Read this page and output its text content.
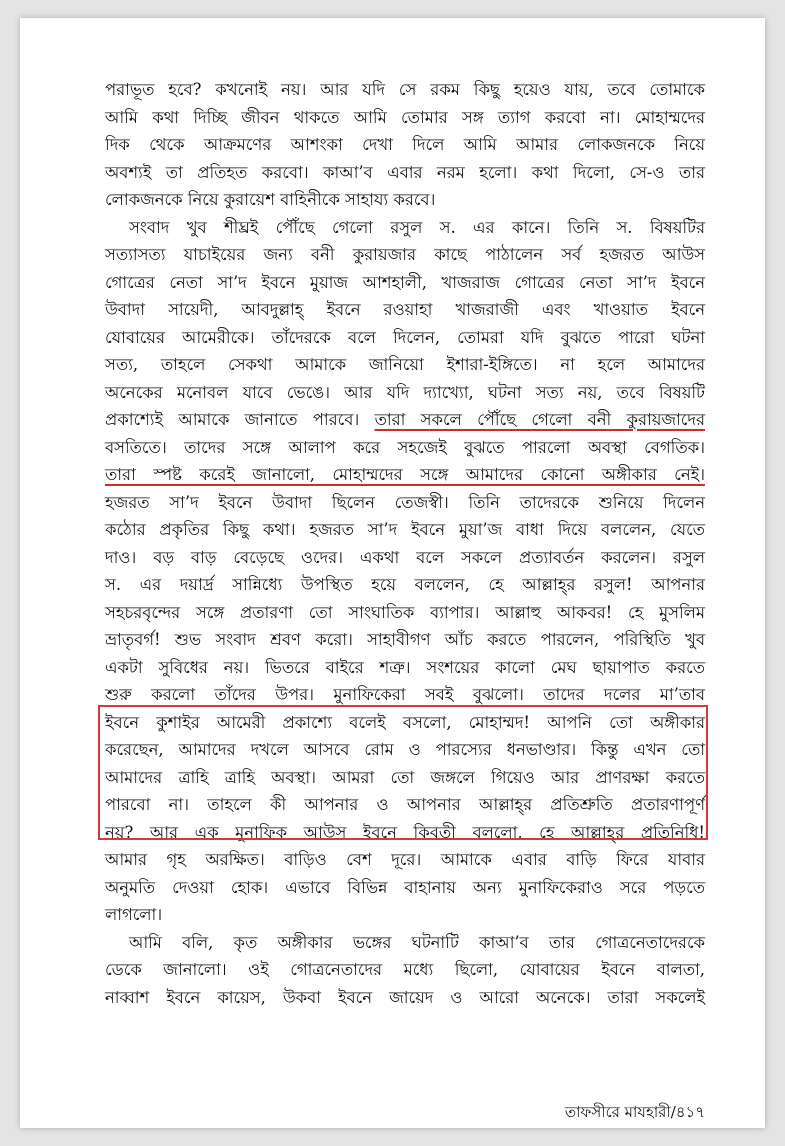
পরাভূত হবে? কখনোই নয়। আর যদি সে রকম কিছু হয়েও যায়, তবে তোমাকে
আমি কথা দিচ্ছি জীবন থাকতে আমি তোমার সঙ্গ ত্যাগ করবো না। মোহাম্মদের
দিক থেকে আক্রমণের আশংকা দেখা দিলে আমি আমার লোকজনকে নিয়ে
অবশ্যই তা প্রতিহত করবো। কাআ’ব এবার নরম হলো। কথা দিলো, সে-ও তার
লোকজনকে নিয়ে কুরায়েশ বাহিনীকে সাহায্য করবে।
সংবাদ খুব শীঘ্রই পৌঁছে গেলো রসুল স. এর কানে। তিনি স. বিষয়টির
সত্যাসত্য যাচাইয়ের জন্য বনী কুরায়জার কাছে পাঠালেন সর্ব হজরত আউস
গোত্রের নেতা সা’দ ইবনে মুয়াজ আশহালী, খাজরাজ গোত্রের নেতা সা’দ ইবনে
উবাদা সায়েদী, আবদুল্লাহ্ ইবনে রওয়াহা খাজরাজী এবং খাওয়াত ইবনে
যোবায়ের আমেরীকে। তাঁদেরকে বলে দিলেন, তোমরা যদি বুঝতে পারো ঘটনা
সত্য, তাহলে সেকথা আমাকে জানিয়ো ইশারা-ইঙ্গিতে। না হলে আমাদের
অনেকের মনোবল যাবে ভেঙে। আর যদি দ্যাখ্যো, ঘটনা সত্য নয়, তবে বিষয়টি
প্রকাশ্যেই আমাকে জানাতে পারবে। তারা সকলে পৌঁছে গেলো বনী কুরায়জাদের
বসতিতে। তাদের সঙ্গে আলাপ করে সহজেই বুঝতে পারলো অবস্থা বেগতিক।
তারা স্পষ্ট করেই জানালো, মোহাম্মদের সঙ্গে আমাদের কোনো অঙ্গীকার নেই।
হজরত সা’দ ইবনে উবাদা ছিলেন তেজস্বী। তিনি তাদেরকে শুনিয়ে দিলেন
কঠোর প্রকৃতির কিছু কথা। হজরত সা’দ ইবনে মুয়া’জ বাধা দিয়ে বললেন, যেতে
দাও। বড় বাড় বেড়েছে ওদের। একথা বলে সকলে প্রত্যাবর্তন করলেন। রসুল
স. এর দয়ার্দ্র সান্নিধ্যে উপস্থিত হয়ে বললেন, হে আল্লাহ্‌র রসুল! আপনার
সহচরবৃন্দের সঙ্গে প্রতারণা তো সাংঘাতিক ব্যাপার। আল্লাহু আকবর! হে মুসলিম
ভ্রাতৃবর্গ! শুভ সংবাদ শ্রবণ করো। সাহাবীগণ আঁচ করতে পারলেন, পরিস্থিতি খুব
একটা সুবিধের নয়। ভিতরে বাইরে শত্রু। সংশয়ের কালো মেঘ ছায়াপাত করতে
শুরু করলো তাঁদের উপর। মুনাফিকেরা সবই বুঝলো। তাদের দলের মা’তাব
ইবনে কুশাইর আমেরী প্রকাশ্যে বলেই বসলো, মোহাম্মদ! আপনি তো অঙ্গীকার
করেছেন, আমাদের দখলে আসবে রোম ও পারস্যের ধনভাণ্ডার। কিন্তু এখন তো
আমাদের ত্রাহি ত্রাহি অবস্থা। আমরা তো জঙ্গলে গিয়েও আর প্রাণরক্ষা করতে
পারবো না। তাহলে কী আপনার ও আপনার আল্লাহ্‌র প্রতিশ্রুতি প্রতারণাপূর্ণ
নয়? আর এক মুনাফিক আউস ইবনে কিবতী বললো, হে আল্লাহ্‌র প্রতিনিধি!
আমার গৃহ অরক্ষিত। বাড়িও বেশ দূরে। আমাকে এবার বাড়ি ফিরে যাবার
অনুমতি দেওয়া হোক। এভাবে বিভিন্ন বাহানায় অন্য মুনাফিকেরাও সরে পড়তে
লাগলো।
আমি বলি, কৃত অঙ্গীকার ভঙ্গের ঘটনাটি কাআ’ব তার গোত্রনেতাদেরকে
ডেকে জানালো। ওই গোত্রনেতাদের মধ্যে ছিলো, যোবায়ের ইবনে বালতা,
নাব্বাশ ইবনে কায়েস, উকবা ইবনে জায়েদ ও আরো অনেকে। তারা সকলেই
তাফসীরে মাযহারী/৪১৭
